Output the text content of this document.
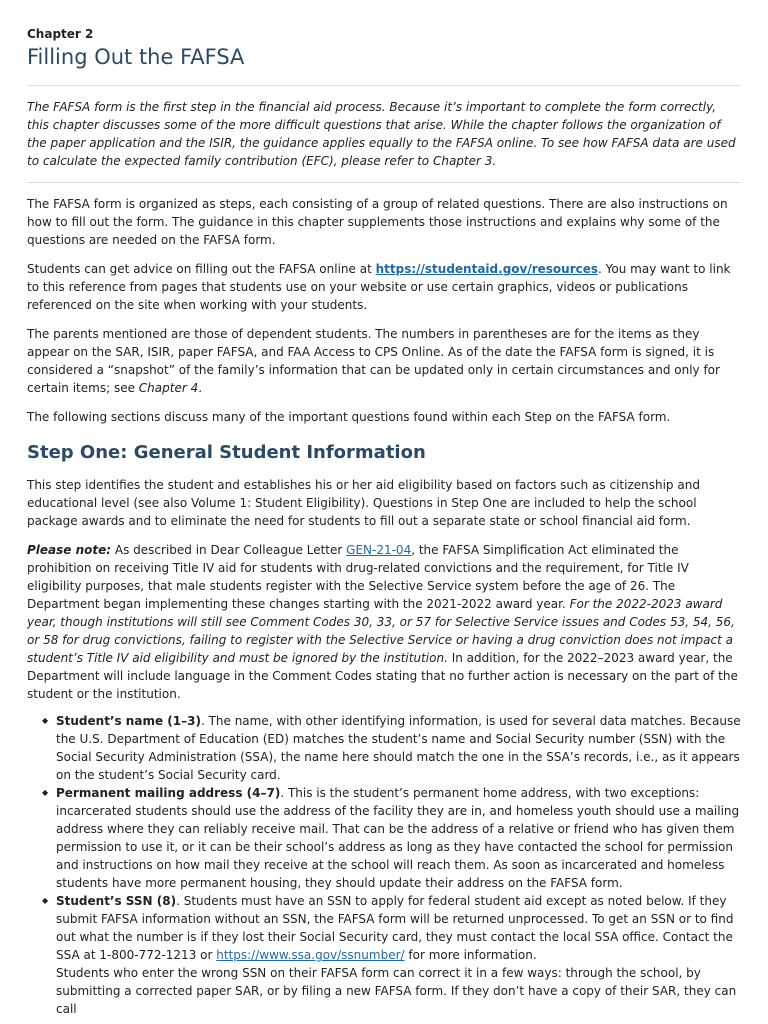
Chapter 2
Filling Out the FAFSA

The FAFSA form is the first step in the financial aid process. Because it’s important to complete the form correctly, this chapter discusses some of the more difficult questions that arise. While the chapter follows the organization of the paper application and the ISIR, the guidance applies equally to the FAFSA online. To see how FAFSA data are used to calculate the expected family contribution (EFC), please refer to Chapter 3.

The FAFSA form is organized as steps, each consisting of a group of related questions. There are also instructions on how to fill out the form. The guidance in this chapter supplements those instructions and explains why some of the questions are needed on the FAFSA form.

Students can get advice on filling out the FAFSA online at https://studentaid.gov/resources. You may want to link to this reference from pages that students use on your website or use certain graphics, videos or publications referenced on the site when working with your students.

The parents mentioned are those of dependent students. The numbers in parentheses are for the items as they appear on the SAR, ISIR, paper FAFSA, and FAA Access to CPS Online. As of the date the FAFSA form is signed, it is considered a “snapshot” of the family’s information that can be updated only in certain circumstances and only for certain items; see Chapter 4.

The following sections discuss many of the important questions found within each Step on the FAFSA form.

Step One: General Student Information

This step identifies the student and establishes his or her aid eligibility based on factors such as citizenship and educational level (see also Volume 1: Student Eligibility). Questions in Step One are included to help the school package awards and to eliminate the need for students to fill out a separate state or school financial aid form.

Please note: As described in Dear Colleague Letter GEN-21-04, the FAFSA Simplification Act eliminated the prohibition on receiving Title IV aid for students with drug-related convictions and the requirement, for Title IV eligibility purposes, that male students register with the Selective Service system before the age of 26. The Department began implementing these changes starting with the 2021-2022 award year. For the 2022-2023 award year, though institutions will still see Comment Codes 30, 33, or 57 for Selective Service issues and Codes 53, 54, 56, or 58 for drug convictions, failing to register with the Selective Service or having a drug conviction does not impact a student’s Title IV aid eligibility and must be ignored by the institution. In addition, for the 2022–2023 award year, the Department will include language in the Comment Codes stating that no further action is necessary on the part of the student or the institution.

◆ Student’s name (1–3). The name, with other identifying information, is used for several data matches. Because the U.S. Department of Education (ED) matches the student’s name and Social Security number (SSN) with the Social Security Administration (SSA), the name here should match the one in the SSA’s records, i.e., as it appears on the student’s Social Security card.
◆ Permanent mailing address (4–7). This is the student’s permanent home address, with two exceptions: incarcerated students should use the address of the facility they are in, and homeless youth should use a mailing address where they can reliably receive mail. That can be the address of a relative or friend who has given them permission to use it, or it can be their school’s address as long as they have contacted the school for permission and instructions on how mail they receive at the school will reach them. As soon as incarcerated and homeless students have more permanent housing, they should update their address on the FAFSA form.
◆ Student’s SSN (8). Students must have an SSN to apply for federal student aid except as noted below. If they submit FAFSA information without an SSN, the FAFSA form will be returned unprocessed. To get an SSN or to find out what the number is if they lost their Social Security card, they must contact the local SSA office. Contact the SSA at 1-800-772-1213 or https://www.ssa.gov/ssnumber/ for more information.
Students who enter the wrong SSN on their FAFSA form can correct it in a few ways: through the school, by submitting a corrected paper SAR, or by filing a new FAFSA form. If they don’t have a copy of their SAR, they can call
